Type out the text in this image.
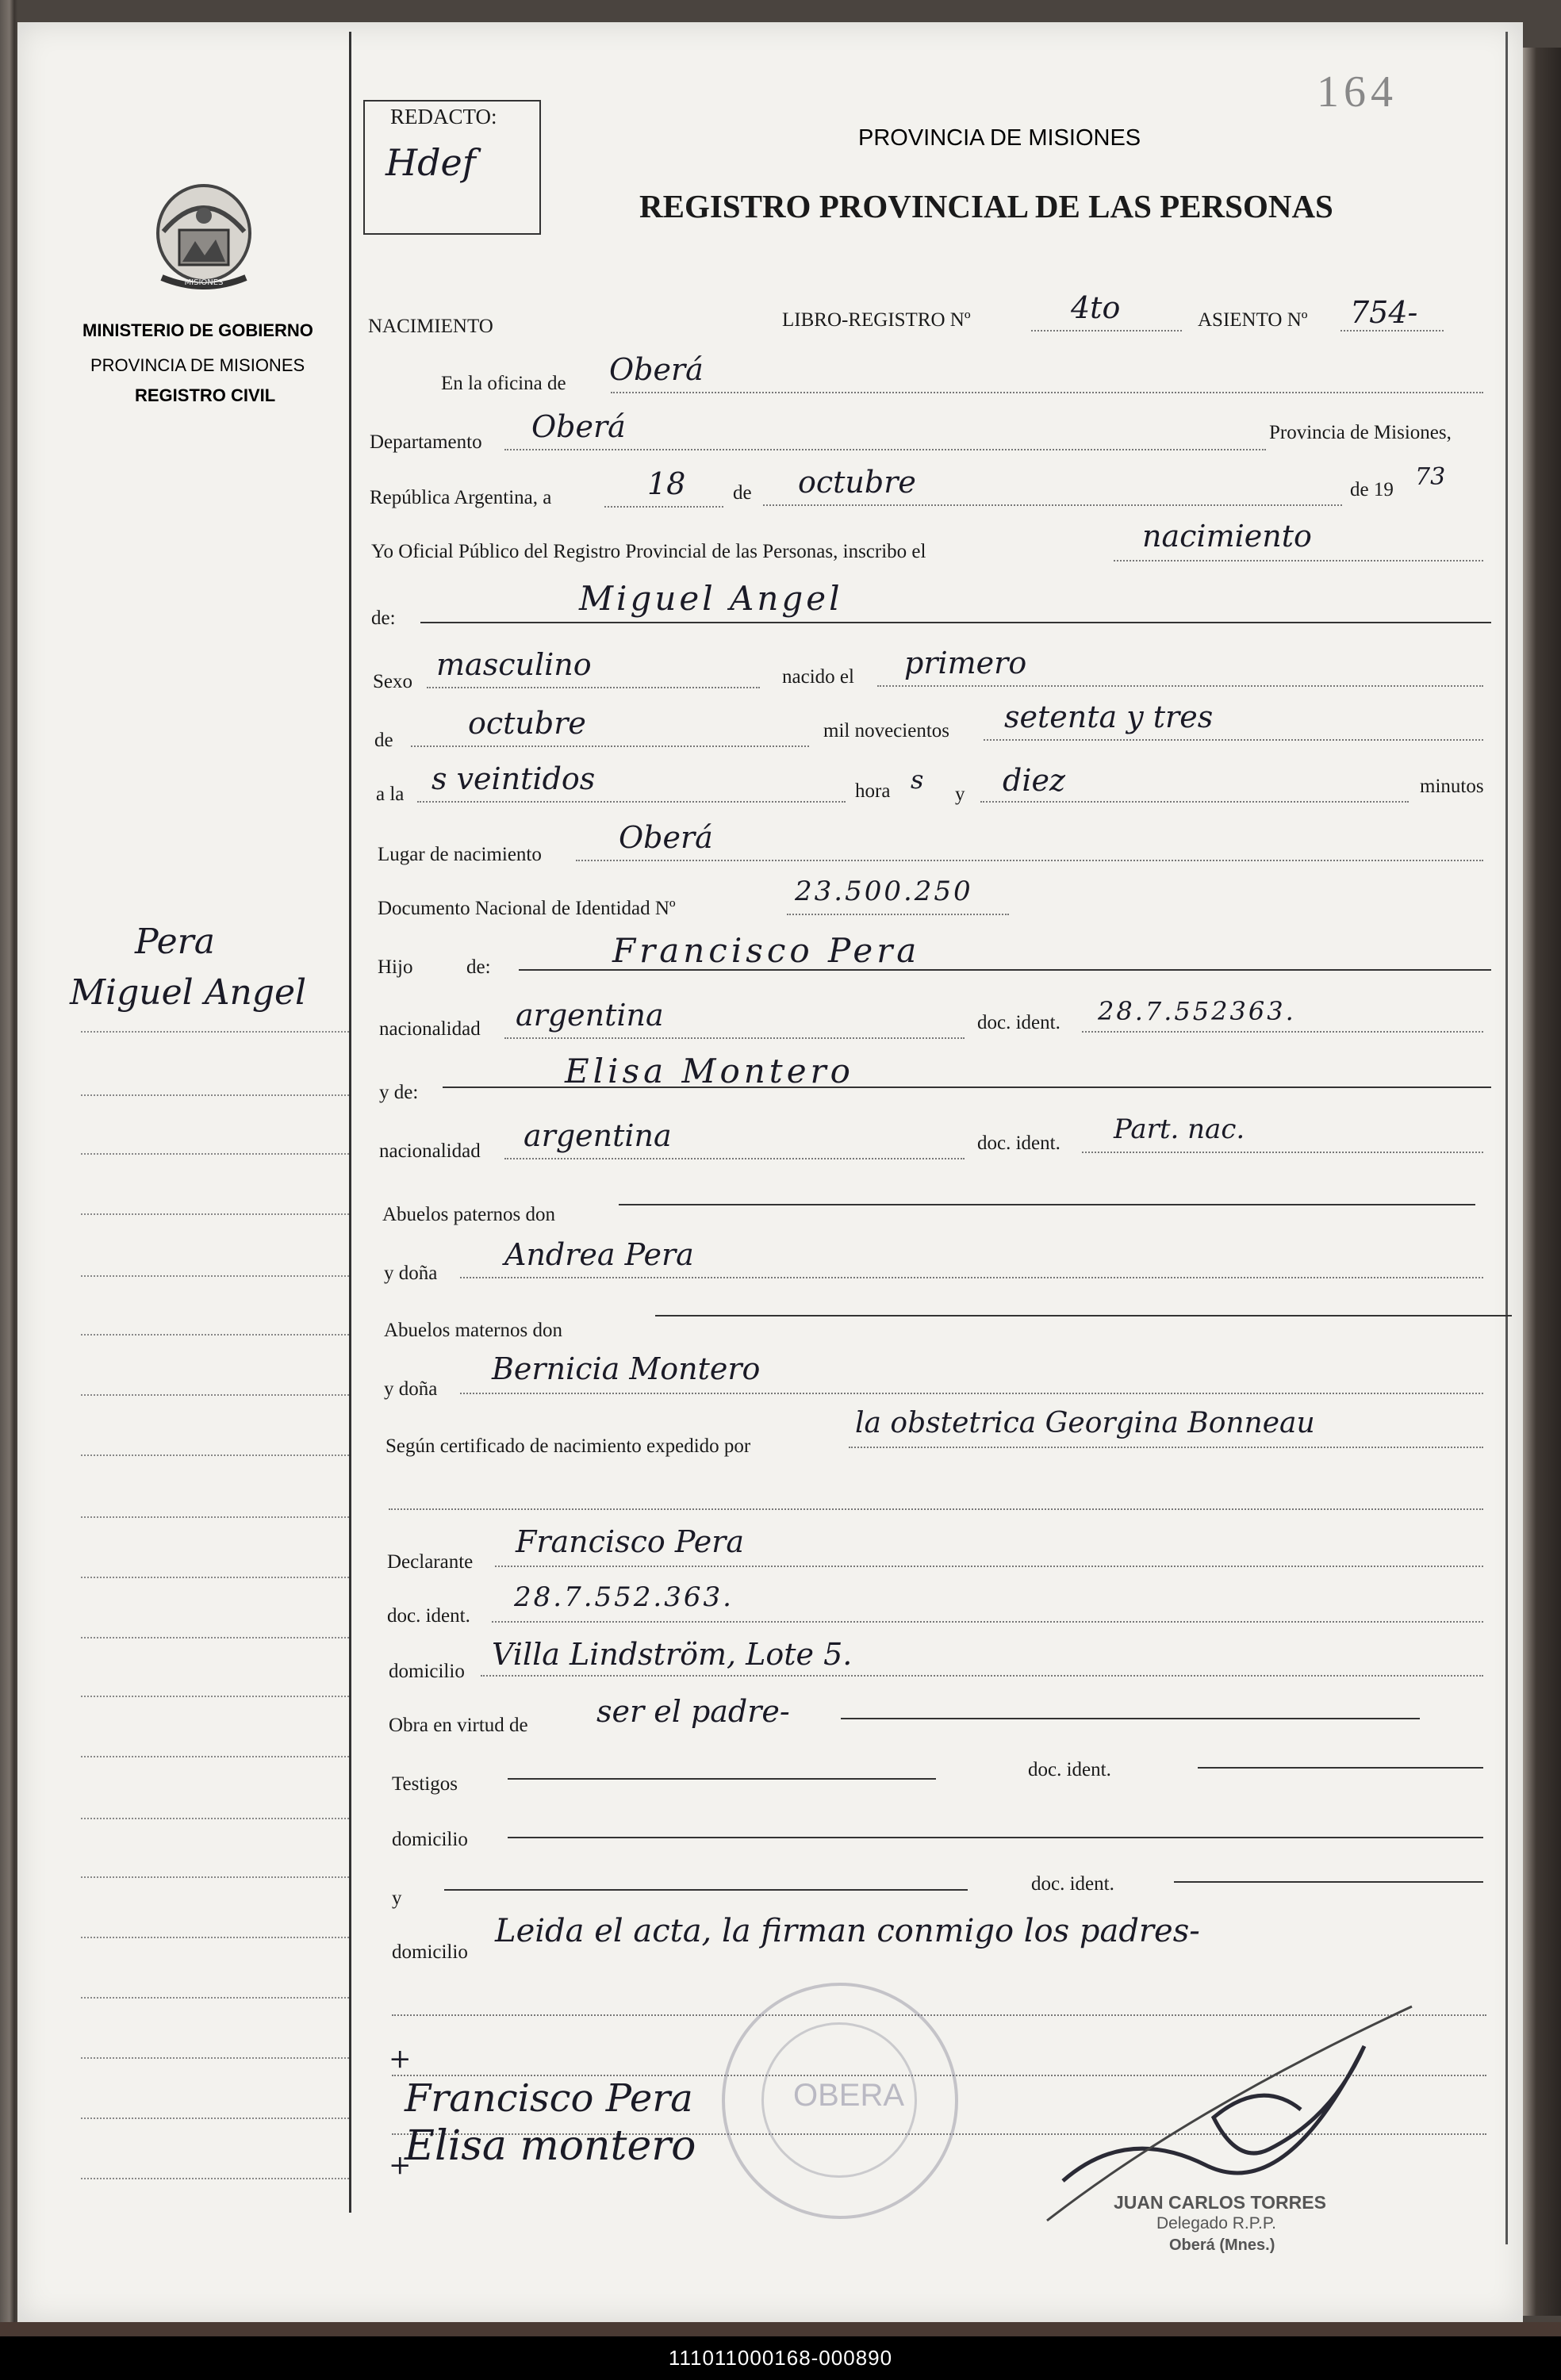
164
REDACTO:
Hdef
PROVINCIA DE MISIONES
REGISTRO PROVINCIAL DE LAS PERSONAS
MISIONES
MINISTERIO DE GOBIERNO
PROVINCIA DE MISIONES
REGISTRO CIVIL
Pera
Miguel Angel
NACIMIENTO	LIBRO-REGISTRO Nº	4to	ASIENTO Nº 754-
En la oficina de Oberá
Departamento Oberá	Provincia de Misiones,
República Argentina, a	18 de octubre	de 19 73
Yo Oficial Público del Registro Provincial de las Personas, inscribo el	nacimiento
de:
Miguel Angel
Sexo masculino	nacido el primero
de octubre	mil novecientos setenta y tres
a la s veintidos	hora s y diez	minutos
Lugar de nacimiento	Oberá
Documento Nacional de Identidad Nº
23.500.250
Hijo	de:	Francisco Pera
nacionalidad argentina	doc. ident. 28.7.552363.
y de:
Elisa Montero
nacionalidad argentina	doc. ident. Part. nac.
Abuelos paternos don
y doña
Andrea Pera
Abuelos maternos don
y doña
Bernicia Montero
Según certificado de nacimiento expedido por
la obstetrica Georgina Bonneau
Declarante
Francisco Pera
doc. ident.
28.7.552.363.
domicilio Villa Lindström, Lote 5.
Obra en virtud de ser el padre-
Testigos
doc. ident.
domicilio
y
doc. ident.
domicilio
Leida el acta, la firman conmigo los padres-
OBERA
+
Francisco Pera
+
Elisa montero
JUAN CARLOS TORRES
Delegado R.P.P.
Oberá (Mnes.)
111011000168-000890
